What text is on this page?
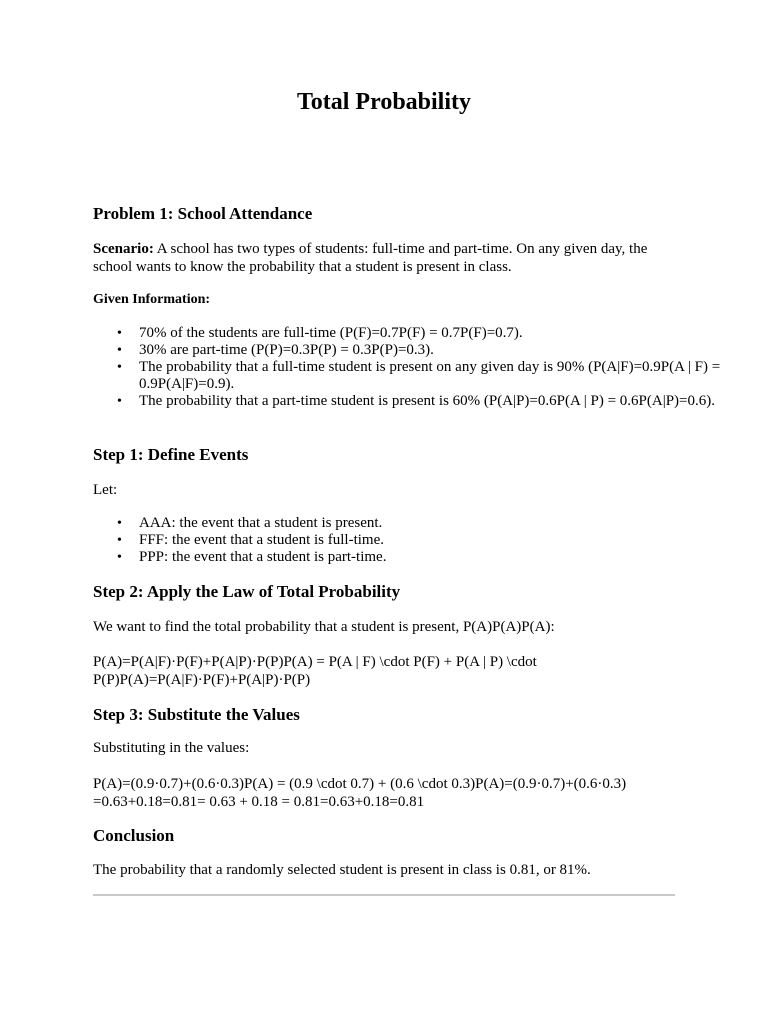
Total Probability
Problem 1: School Attendance

Scenario: A school has two types of students: full-time and part-time. On any given day, the school wants to know the probability that a student is present in class.

Given Information:

• 70% of the students are full-time (P(F)=0.7P(F) = 0.7P(F)=0.7).
• 30% are part-time (P(P)=0.3P(P) = 0.3P(P)=0.3).
• The probability that a full-time student is present on any given day is 90% (P(A|F)=0.9P(A | F) = 0.9P(A|F)=0.9).
• The probability that a part-time student is present is 60% (P(A|P)=0.6P(A | P) = 0.6P(A|P)=0.6).
Step 1: Define Events

Let:

• AAA: the event that a student is present.
• FFF: the event that a student is full-time.
• PPP: the event that a student is part-time.
Step 2: Apply the Law of Total Probability

We want to find the total probability that a student is present, P(A)P(A)P(A):

P(A)=P(A|F)·P(F)+P(A|P)·P(P)P(A) = P(A | F) \cdot P(F) + P(A | P) \cdot P(P)P(A)=P(A|F)·P(F)+P(A|P)·P(P)

Step 3: Substitute the Values

Substituting in the values:

P(A)=(0.9·0.7)+(0.6·0.3)P(A) = (0.9 \cdot 0.7) + (0.6 \cdot 0.3)P(A)=(0.9·0.7)+(0.6·0.3) =0.63+0.18=0.81= 0.63 + 0.18 = 0.81=0.63+0.18=0.81

Conclusion

The probability that a randomly selected student is present in class is 0.81, or 81%.
